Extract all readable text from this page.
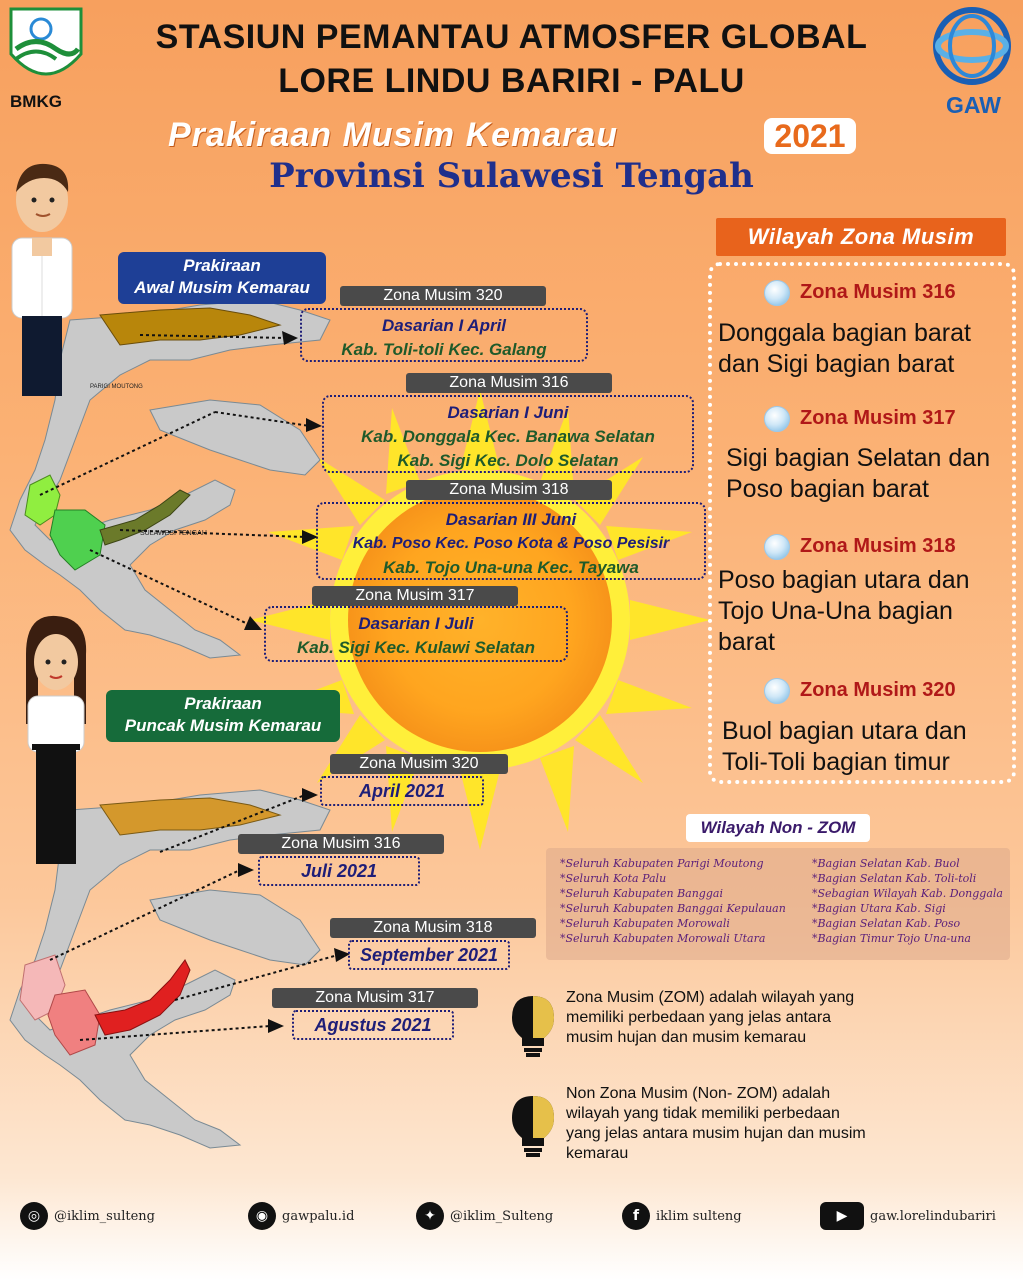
SULAWESI TENGAH
PARIGI MOUTONG
BMKG	GAW
STASIUN PEMANTAU ATMOSFER GLOBAL
LORE LINDU BARIRI - PALU
Prakiraan Musim Kemarau	2021
Provinsi Sulawesi Tengah
Prakiraan
Awal Musim Kemarau	Zona Musim 320
Dasarian I April
Kab. Toli-toli Kec. Galang
Zona Musim 316
Dasarian I Juni
Kab. Donggala Kec. Banawa Selatan
Kab. Sigi Kec. Dolo Selatan
Zona Musim 318
Dasarian III Juni
Kab. Poso Kec. Poso Kota & Poso Pesisir
Kab. Tojo Una-una Kec. Tayawa
Zona Musim 317
Dasarian I Juli
Kab. Sigi Kec. Kulawi Selatan
Prakiraan
Puncak Musim Kemarau
Zona Musim 320
April 2021
Zona Musim 316
Juli 2021
Zona Musim 318
September 2021
Zona Musim 317
Agustus 2021
Wilayah Zona Musim
Zona Musim 316
Donggala bagian barat dan Sigi bagian barat
Zona Musim 317
Sigi bagian Selatan dan Poso bagian barat
Zona Musim 318
Poso bagian utara dan Tojo Una-Una bagian barat
Zona Musim 320
Buol bagian utara dan Toli-Toli bagian timur
Wilayah Non - ZOM
*Seluruh Kabupaten Parigi Moutong
*Seluruh Kota Palu
*Seluruh Kabupaten Banggai
*Seluruh Kabupaten Banggai Kepulauan
*Seluruh Kabupaten Morowali
*Seluruh Kabupaten Morowali Utara
*Bagian Selatan Kab. Buol
*Bagian Selatan Kab. Toli-toli
*Sebagian Wilayah Kab. Donggala
*Bagian Utara Kab. Sigi
*Bagian Selatan Kab. Poso
*Bagian Timur Tojo Una-una
Zona Musim (ZOM) adalah wilayah yang memiliki perbedaan yang jelas antara musim hujan dan musim kemarau
Non Zona Musim (Non- ZOM) adalah wilayah yang tidak memiliki perbedaan yang jelas antara musim hujan dan musim kemarau
◎	@iklim_sulteng	◉	gawpalu.id	✦	@iklim_Sulteng	f	iklim sulteng	▶	gaw.lorelindubariri
